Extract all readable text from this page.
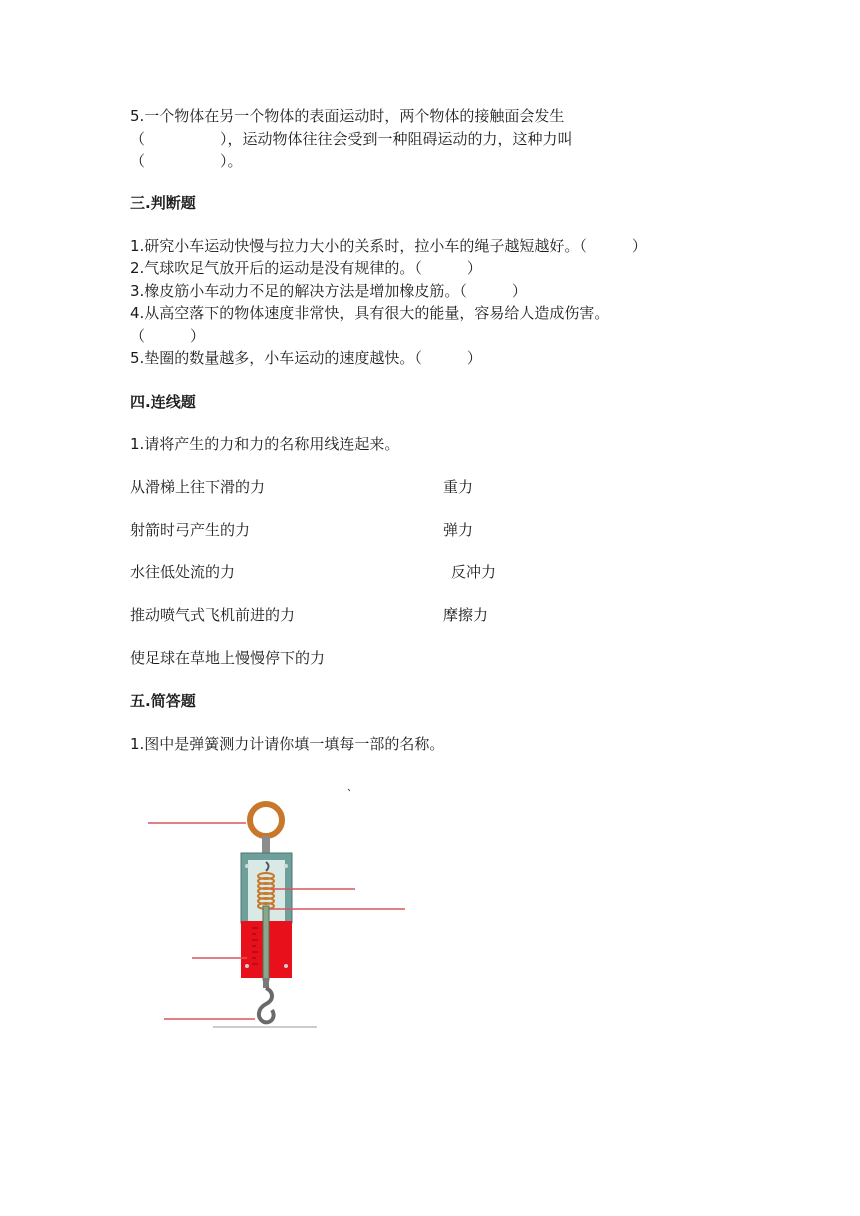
5.一个物体在另一个物体的表面运动时，两个物体的接触面会发生
（　　　　　），运动物体往往会受到一种阻碍运动的力，这种力叫
（　　　　　）。
三.判断题
1.研究小车运动快慢与拉力大小的关系时，拉小车的绳子越短越好。（　　　）
2.气球吹足气放开后的运动是没有规律的。（　　　）
3.橡皮筋小车动力不足的解决方法是增加橡皮筋。（　　　）
4.从高空落下的物体速度非常快，具有很大的能量，容易给人造成伤害。
（　　　）
5.垫圈的数量越多，小车运动的速度越快。（　　　）
四.连线题
1.请将产生的力和力的名称用线连起来。
从滑梯上往下滑的力
射箭时弓产生的力
水往低处流的力
推动喷气式飞机前进的力
使足球在草地上慢慢停下的力
重力
弹力
反冲力
摩擦力
五.简答题
1.图中是弹簧测力计请你填一填每一部的名称。
